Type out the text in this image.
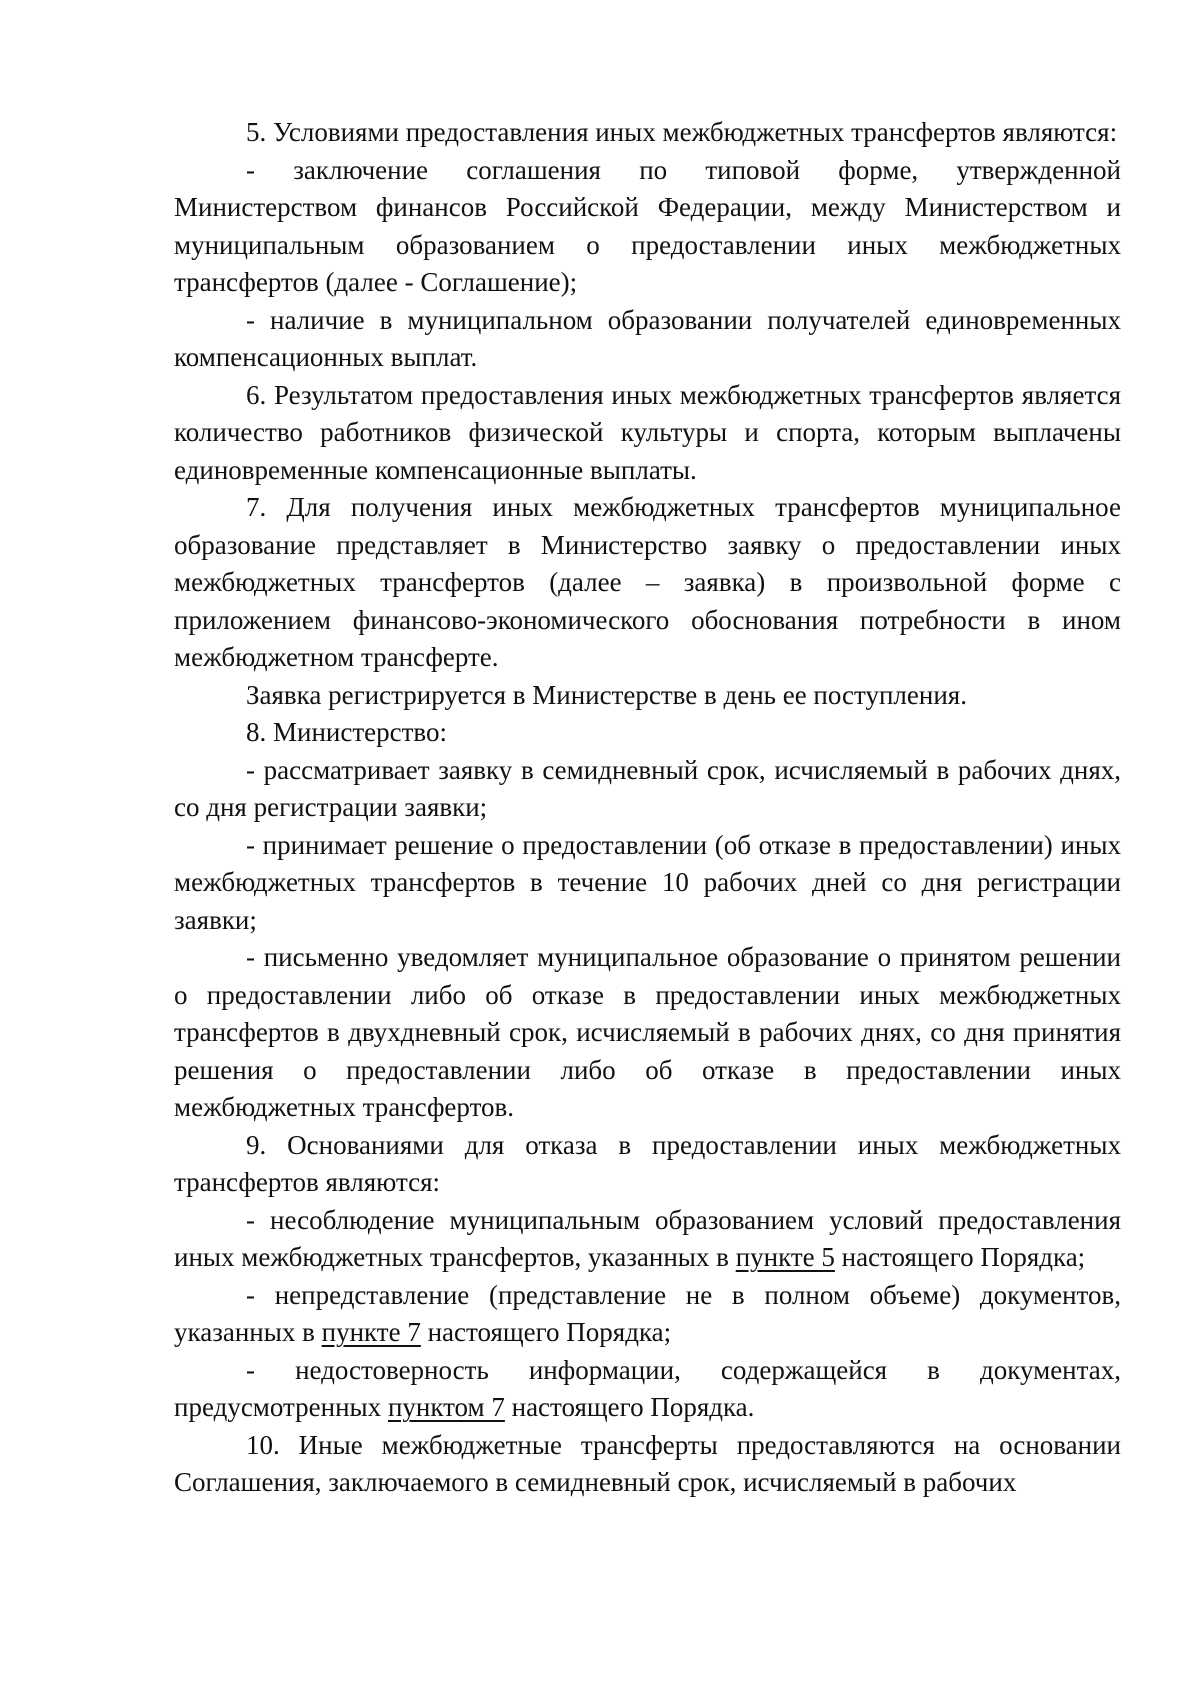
5. Условиями предоставления иных межбюджетных трансфертов являются:

- заключение соглашения по типовой форме, утвержденной Министерством финансов Российской Федерации, между Министерством и муниципальным образованием о предоставлении иных межбюджетных трансфертов (далее - Соглашение);

- наличие в муниципальном образовании получателей единовременных компенсационных выплат.

6. Результатом предоставления иных межбюджетных трансфертов является количество работников физической культуры и спорта, которым выплачены единовременные компенсационные выплаты.

7. Для получения иных межбюджетных трансфертов муниципальное образование представляет в Министерство заявку о предоставлении иных межбюджетных трансфертов (далее – заявка) в произвольной форме с приложением финансово-экономического обоснования потребности в ином межбюджетном трансферте.

Заявка регистрируется в Министерстве в день ее поступления.

8. Министерство:

- рассматривает заявку в семидневный срок, исчисляемый в рабочих днях, со дня регистрации заявки;

- принимает решение о предоставлении (об отказе в предоставлении) иных межбюджетных трансфертов в течение 10 рабочих дней со дня регистрации заявки;

- письменно уведомляет муниципальное образование о принятом решении о предоставлении либо об отказе в предоставлении иных межбюджетных трансфертов в двухдневный срок, исчисляемый в рабочих днях, со дня принятия решения о предоставлении либо об отказе в предоставлении иных межбюджетных трансфертов.

9. Основаниями для отказа в предоставлении иных межбюджетных трансфертов являются:

- несоблюдение муниципальным образованием условий предоставления иных межбюджетных трансфертов, указанных в пункте 5 настоящего Порядка;

- непредставление (представление не в полном объеме) документов, указанных в пункте 7 настоящего Порядка;

- недостоверность информации, содержащейся в документах, предусмотренных пунктом 7 настоящего Порядка.

10. Иные межбюджетные трансферты предоставляются на основании Соглашения, заключаемого в семидневный срок, исчисляемый в рабочих
